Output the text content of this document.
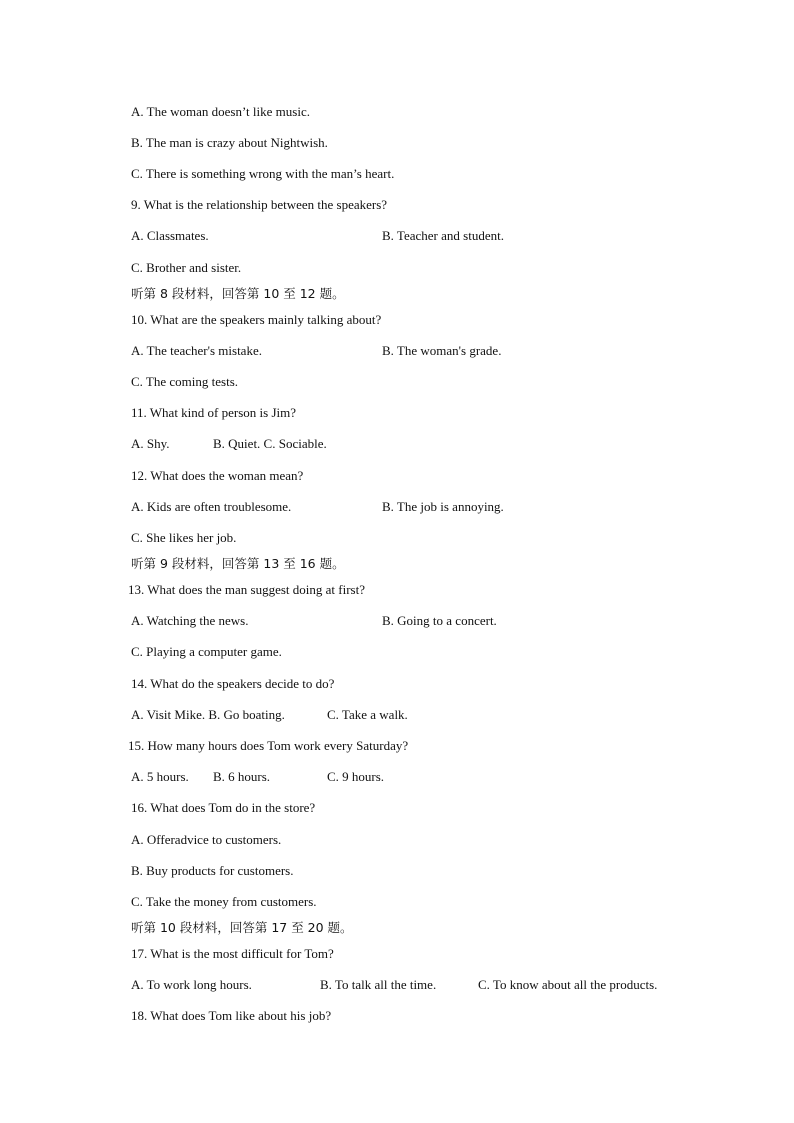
A. The woman doesn’t like music.
B. The man is crazy about Nightwish.
C. There is something wrong with the man’s heart.
9. What is the relationship between the speakers?
A. Classmates.	B. Teacher and student.
C. Brother and sister.
听第 8 段材料，回答第 10 至 12 题。
10. What are the speakers mainly talking about?
A. The teacher's mistake.	B. The woman's grade.
C. The coming tests.
11. What kind of person is Jim?
A. Shy.	B. Quiet. C. Sociable.
12. What does the woman mean?
A. Kids are often troublesome.	B. The job is annoying.
C. She likes her job.
听第 9 段材料，回答第 13 至 16 题。
13. What does the man suggest doing at first?
A. Watching the news.	B. Going to a concert.
C. Playing a computer game.
14. What do the speakers decide to do?
A. Visit Mike. B. Go boating.	C. Take a walk.
15. How many hours does Tom work every Saturday?
A. 5 hours. B. 6 hours.	C. 9 hours.
16. What does Tom do in the store?
A. Offeradvice to customers.
B. Buy products for customers.
C. Take the money from customers.
听第 10 段材料，回答第 17 至 20 题。
17. What is the most difficult for Tom?
A. To work long hours.	B. To talk all the time.	C. To know about all the products.
18. What does Tom like about his job?
